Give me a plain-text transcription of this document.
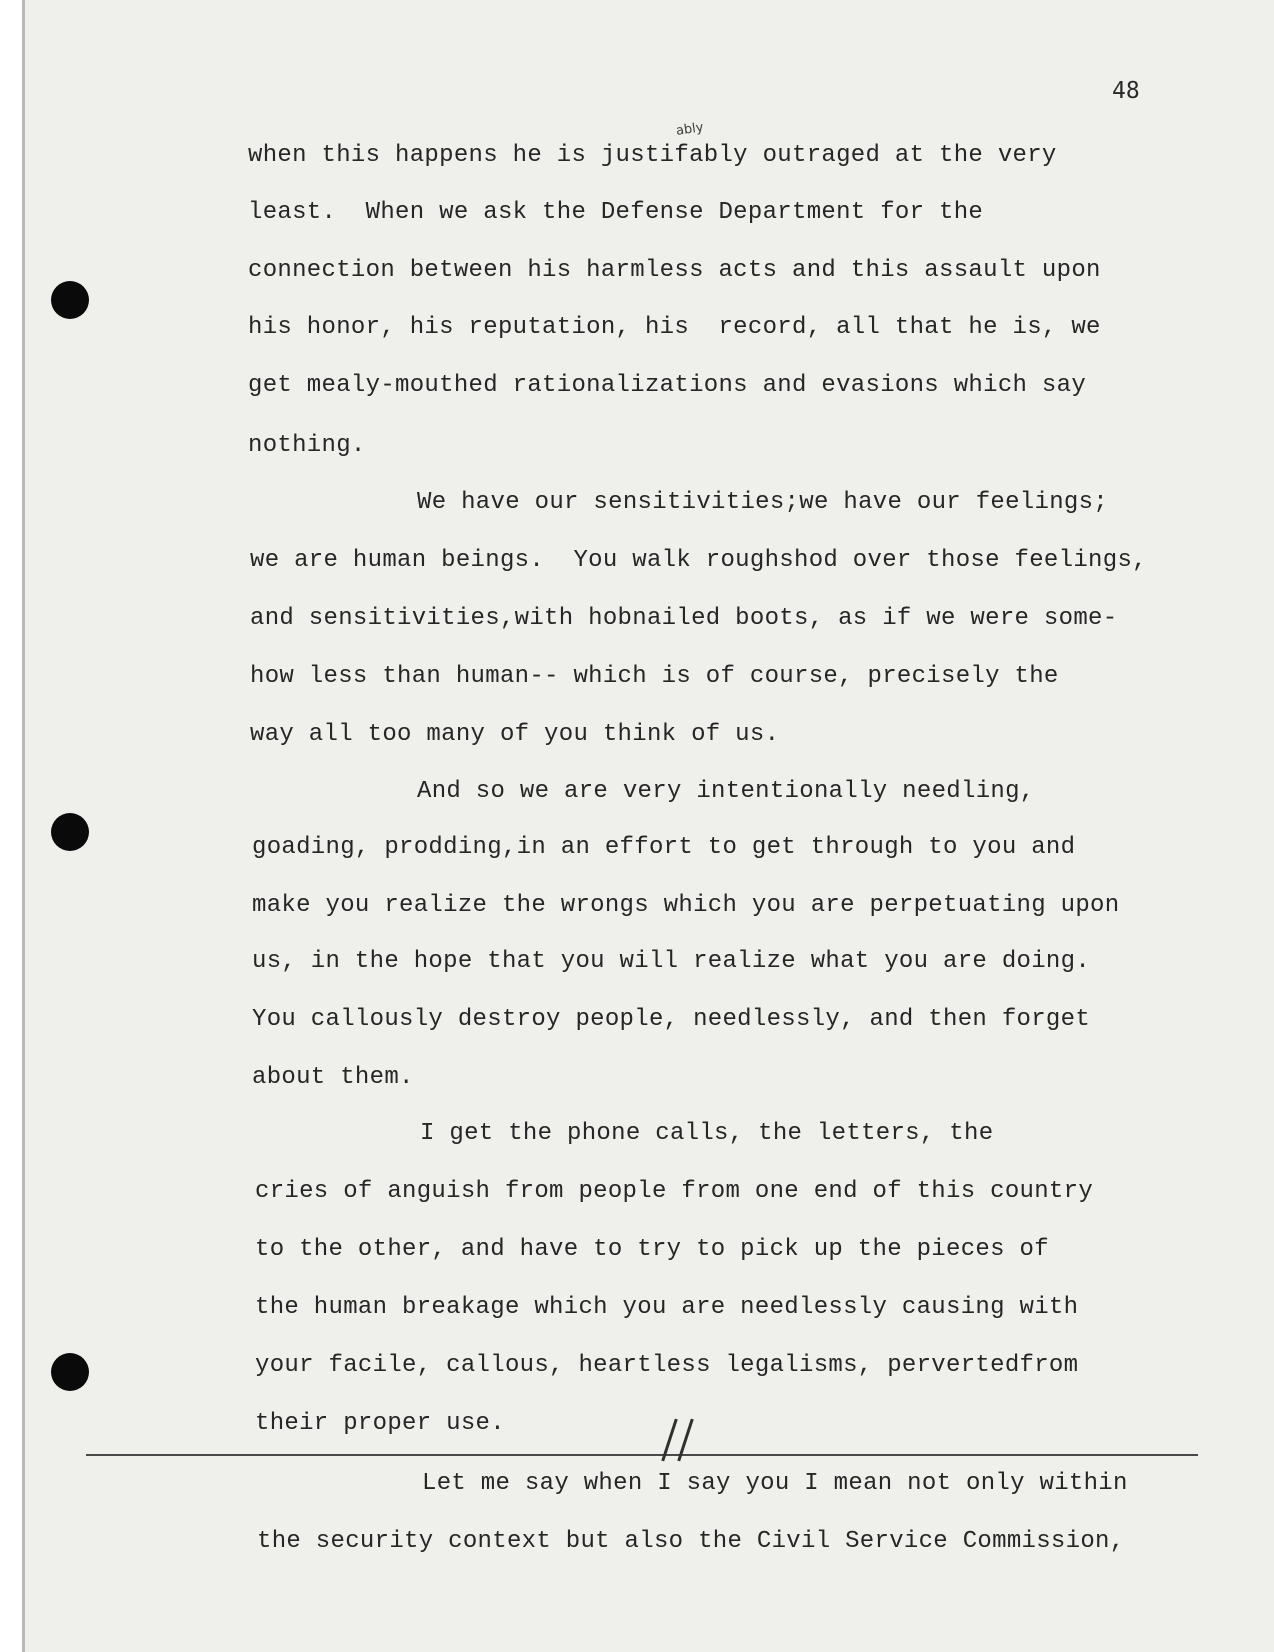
48
ably
when this happens he is justifably outraged at the very
least.  When we ask the Defense Department for the
connection between his harmless acts and this assault upon
his honor, his reputation, his  record, all that he is, we
get mealy-mouthed rationalizations and evasions which say
nothing.
We have our sensitivities;we have our feelings;
we are human beings.  You walk roughshod over those feelings,
and sensitivities,with hobnailed boots, as if we were some-
how less than human-- which is of course, precisely the
way all too many of you think of us.
And so we are very intentionally needling,
goading, prodding,in an effort to get through to you and
make you realize the wrongs which you are perpetuating upon
us, in the hope that you will realize what you are doing.
You callously destroy people, needlessly, and then forget
about them.
I get the phone calls, the letters, the
cries of anguish from people from one end of this country
to the other, and have to try to pick up the pieces of
the human breakage which you are needlessly causing with
your facile, callous, heartless legalisms, pervertedfrom
their proper use.
Let me say when I say you I mean not only within
the security context but also the Civil Service Commission,
